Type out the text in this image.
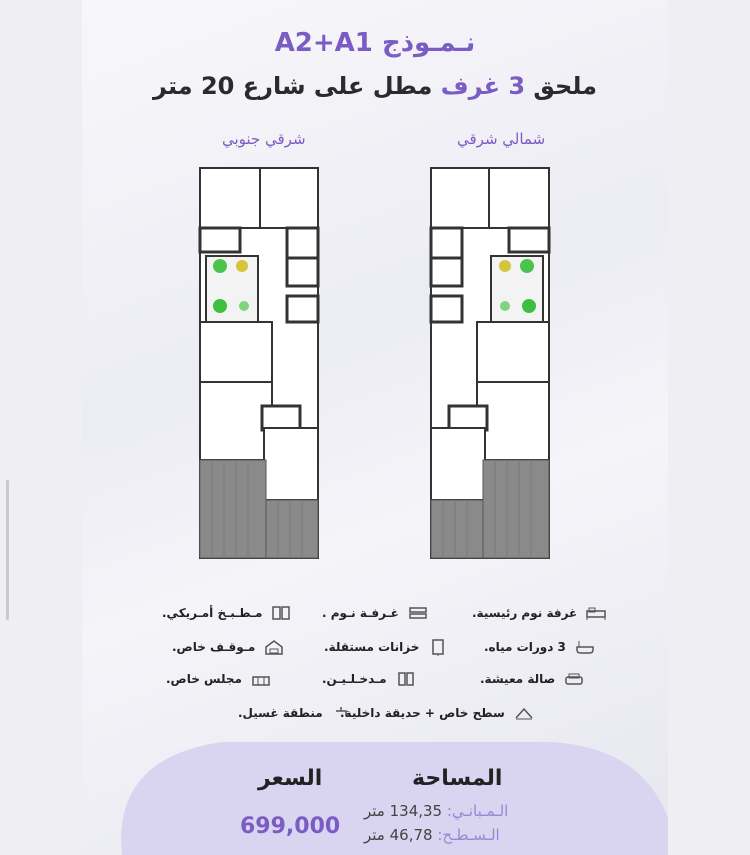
نـمـوذج A2+A1
ملحق 3 غرف مطل على شارع 20 متر
شرقي جنوبي	شمالي شرقي
غرفة نوم رئيسية.
3 دورات مياه.
صالة معيشة.
غـرفـة نـوم .
خزانات مستقلة.
مـدخـلـيـن.
مـطـبـخ أمـريكي.
مـوقـف خاص.
مجلس خاص.
سطح خاص + حديقة داخلية.
منطقة غسيل.
المساحة
السعر
الـمـبانـي: 134,35 متر
الـسـطـح: 46,78 متر
699,000
